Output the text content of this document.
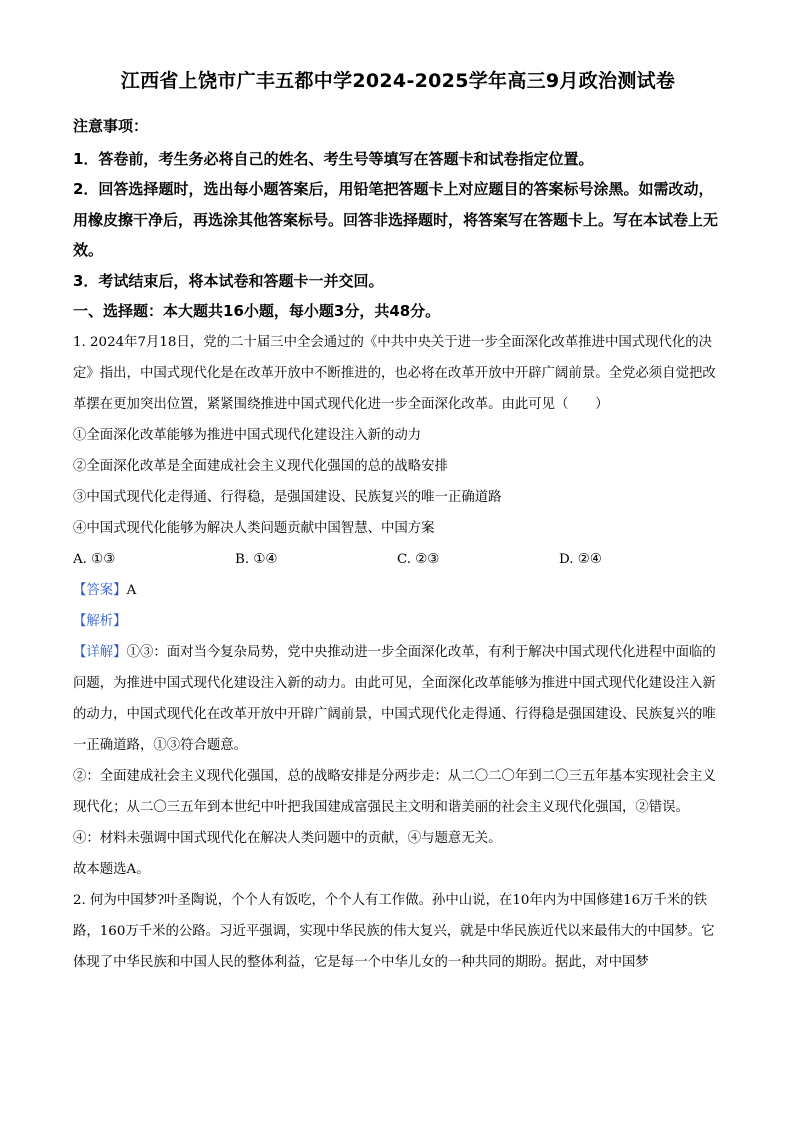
江西省上饶市广丰五都中学2024-2025学年高三9月政治测试卷

注意事项：

1．答卷前，考生务必将自己的姓名、考生号等填写在答题卡和试卷指定位置。

2．回答选择题时，选出每小题答案后，用铅笔把答题卡上对应题目的答案标号涂黑。如需改动，用橡皮擦干净后，再选涂其他答案标号。回答非选择题时，将答案写在答题卡上。写在本试卷上无效。

3．考试结束后，将本试卷和答题卡一并交回。

一、选择题：本大题共16小题，每小题3分，共48分。

1. 2024年7月18日，党的二十届三中全会通过的《中共中央关于进一步全面深化改革推进中国式现代化的决定》指出，中国式现代化是在改革开放中不断推进的，也必将在改革开放中开辟广阔前景。全党必须自觉把改革摆在更加突出位置，紧紧围绕推进中国式现代化进一步全面深化改革。由此可见（　　）

①全面深化改革能够为推进中国式现代化建设注入新的动力

②全面深化改革是全面建成社会主义现代化强国的总的战略安排

③中国式现代化走得通、行得稳，是强国建设、民族复兴的唯一正确道路

④中国式现代化能够为解决人类问题贡献中国智慧、中国方案

A. ①③	B. ①④	C. ②③	D. ②④

【答案】A

【解析】

【详解】①③：面对当今复杂局势，党中央推动进一步全面深化改革，有利于解决中国式现代化进程中面临的问题，为推进中国式现代化建设注入新的动力。由此可见，全面深化改革能够为推进中国式现代化建设注入新的动力，中国式现代化在改革开放中开辟广阔前景，中国式现代化走得通、行得稳是强国建设、民族复兴的唯一正确道路，①③符合题意。

②：全面建成社会主义现代化强国，总的战略安排是分两步走：从二〇二〇年到二〇三五年基本实现社会主义现代化；从二〇三五年到本世纪中叶把我国建成富强民主文明和谐美丽的社会主义现代化强国，②错误。

④：材料未强调中国式现代化在解决人类问题中的贡献，④与题意无关。

故本题选A。

2. 何为中国梦?叶圣陶说，个个人有饭吃，个个人有工作做。孙中山说，在10年内为中国修建16万千米的铁路，160万千米的公路。习近平强调，实现中华民族的伟大复兴，就是中华民族近代以来最伟大的中国梦。它体现了中华民族和中国人民的整体利益，它是每一个中华儿女的一种共同的期盼。据此，对中国梦
